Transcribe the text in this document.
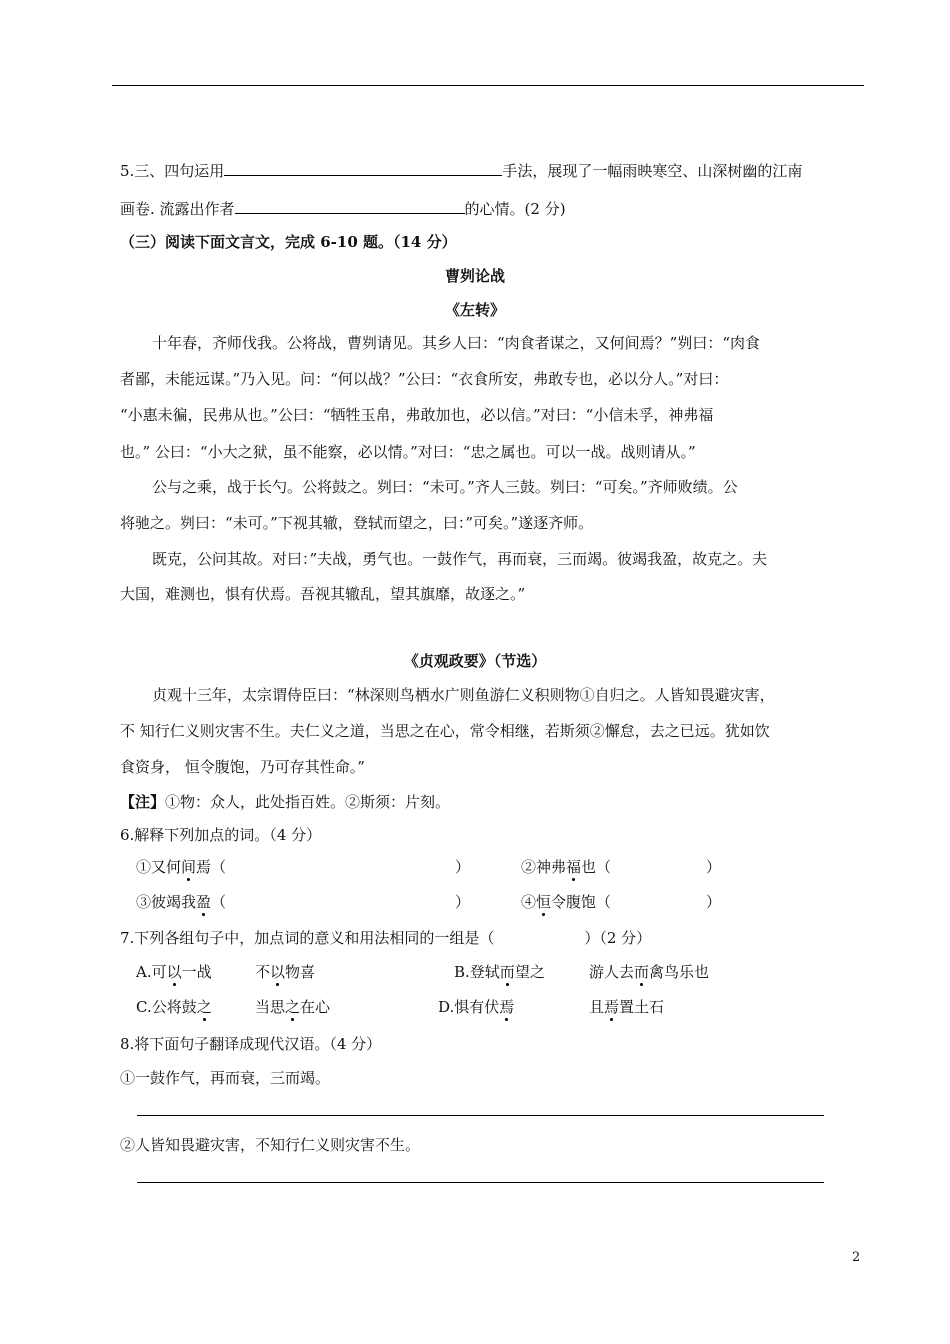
5.三、四句运用	手法，展现了一幅雨映寒空、山深树幽的江南
画卷. 流露出作者	的心情。(2 分)
（三）阅读下面文言文，完成 6-10 题。（14 分）
曹刿论战
《左转》
十年春，齐师伐我。公将战，曹刿请见。其乡人曰：“肉食者谋之，又何间焉？”刿曰：“肉食
者鄙，未能远谋。”乃入见。问：“何以战？”公曰：“衣食所安，弗敢专也，必以分人。”对曰：
“小惠未徧，民弗从也。”公曰：“牺牲玉帛，弗敢加也，必以信。”对曰：“小信未孚，神弗福
也。” 公曰：“小大之狱，虽不能察，必以情。”对曰：“忠之属也。可以一战。战则请从。”
公与之乘，战于长勺。公将鼓之。刿曰：“未可。”齐人三鼓。刿曰：“可矣。”齐师败绩。公
将驰之。刿曰：“未可。”下视其辙，登轼而望之，曰：”可矣。”遂逐齐师。
既克，公问其故。对曰：”夫战，勇气也。一鼓作气，再而衰，三而竭。彼竭我盈，故克之。夫
大国，难测也，惧有伏焉。吾视其辙乱，望其旗靡，故逐之。”
《贞观政要》（节选）
贞观十三年，太宗谓侍臣曰：“林深则鸟栖水广则鱼游仁义积则物①自归之。人皆知畏避灾害，
不 知行仁义则灾害不生。夫仁义之道，当思之在心，常令相继，若斯须②懈怠，去之已远。犹如饮
食资身， 恒令腹饱，乃可存其性命。”
【注】①物：众人，此处指百姓。②斯须：片刻。
6.解释下列加点的词。（4 分）
①又何间焉（	）	②神弗福也（	）
③彼竭我盈（	）	④恒令腹饱（	）
7.下列各组句子中，加点词的意义和用法相同的一组是（	）（2 分）
A.可以一战	不以物喜	B.登轼而望之	游人去而禽鸟乐也
C.公将鼓之	当思之在心	D.惧有伏焉	且焉置土石
8.将下面句子翻译成现代汉语。（4 分）
①一鼓作气，再而衰，三而竭。
②人皆知畏避灾害，不知行仁义则灾害不生。
2
